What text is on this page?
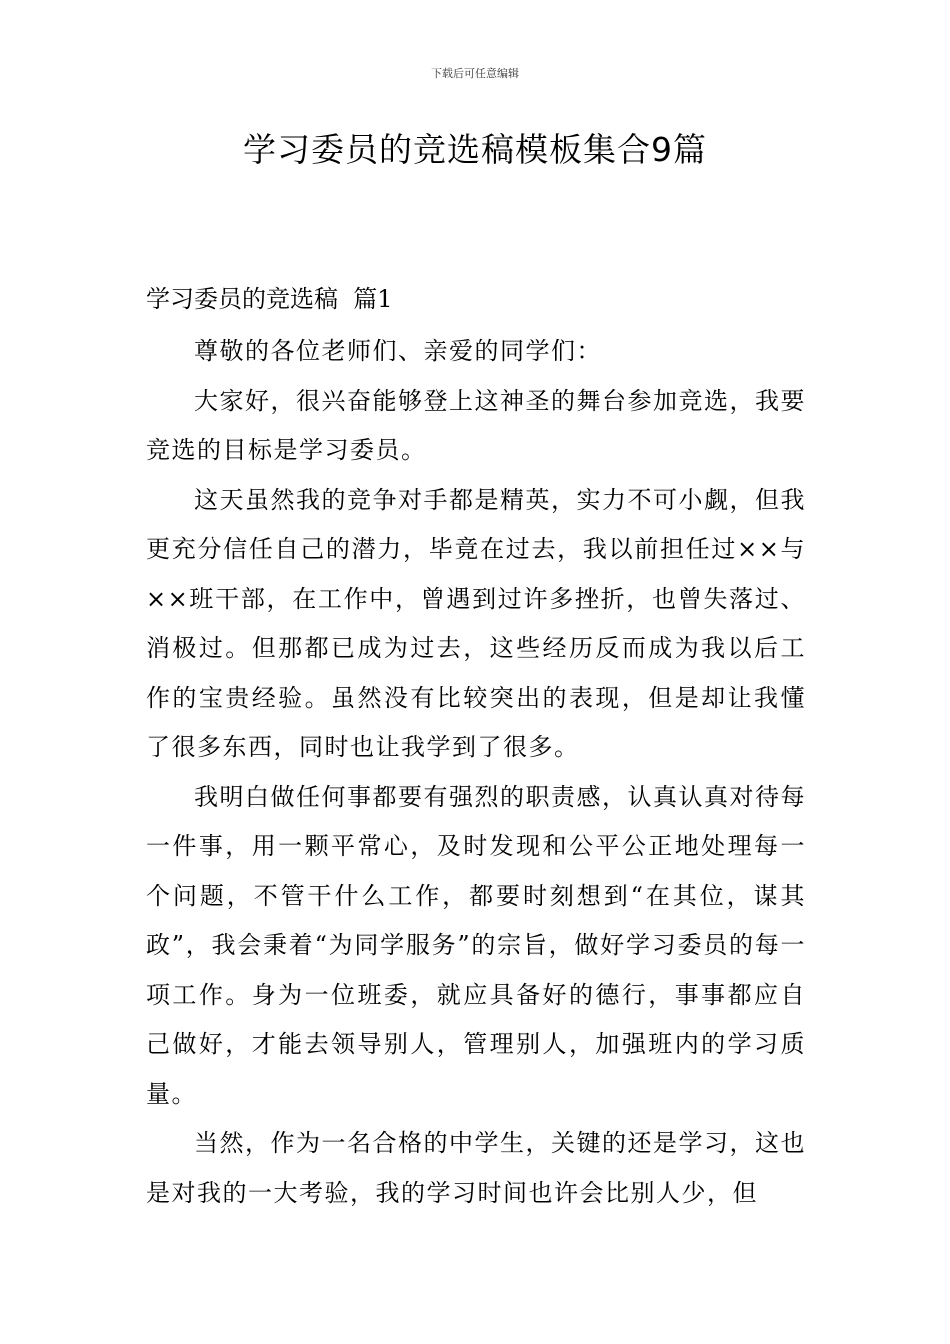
下载后可任意编辑
学习委员的竞选稿模板集合9篇
学习委员的竞选稿  篇1

尊敬的各位老师们、亲爱的同学们：

大家好，很兴奋能够登上这神圣的舞台参加竞选，我要竞选的目标是学习委员。

这天虽然我的竞争对手都是精英，实力不可小觑，但我更充分信任自己的潜力，毕竟在过去，我以前担任过××与××班干部，在工作中，曾遇到过许多挫折，也曾失落过、消极过。但那都已成为过去，这些经历反而成为我以后工作的宝贵经验。虽然没有比较突出的表现，但是却让我懂了很多东西，同时也让我学到了很多。

我明白做任何事都要有强烈的职责感，认真认真对待每一件事，用一颗平常心，及时发现和公平公正地处理每一个问题，不管干什么工作，都要时刻想到“在其位，谋其政”，我会秉着“为同学服务”的宗旨，做好学习委员的每一项工作。身为一位班委，就应具备好的德行，事事都应自己做好，才能去领导别人，管理别人，加强班内的学习质量。

当然，作为一名合格的中学生，关键的还是学习，这也是对我的一大考验，我的学习时间也许会比别人少，但
